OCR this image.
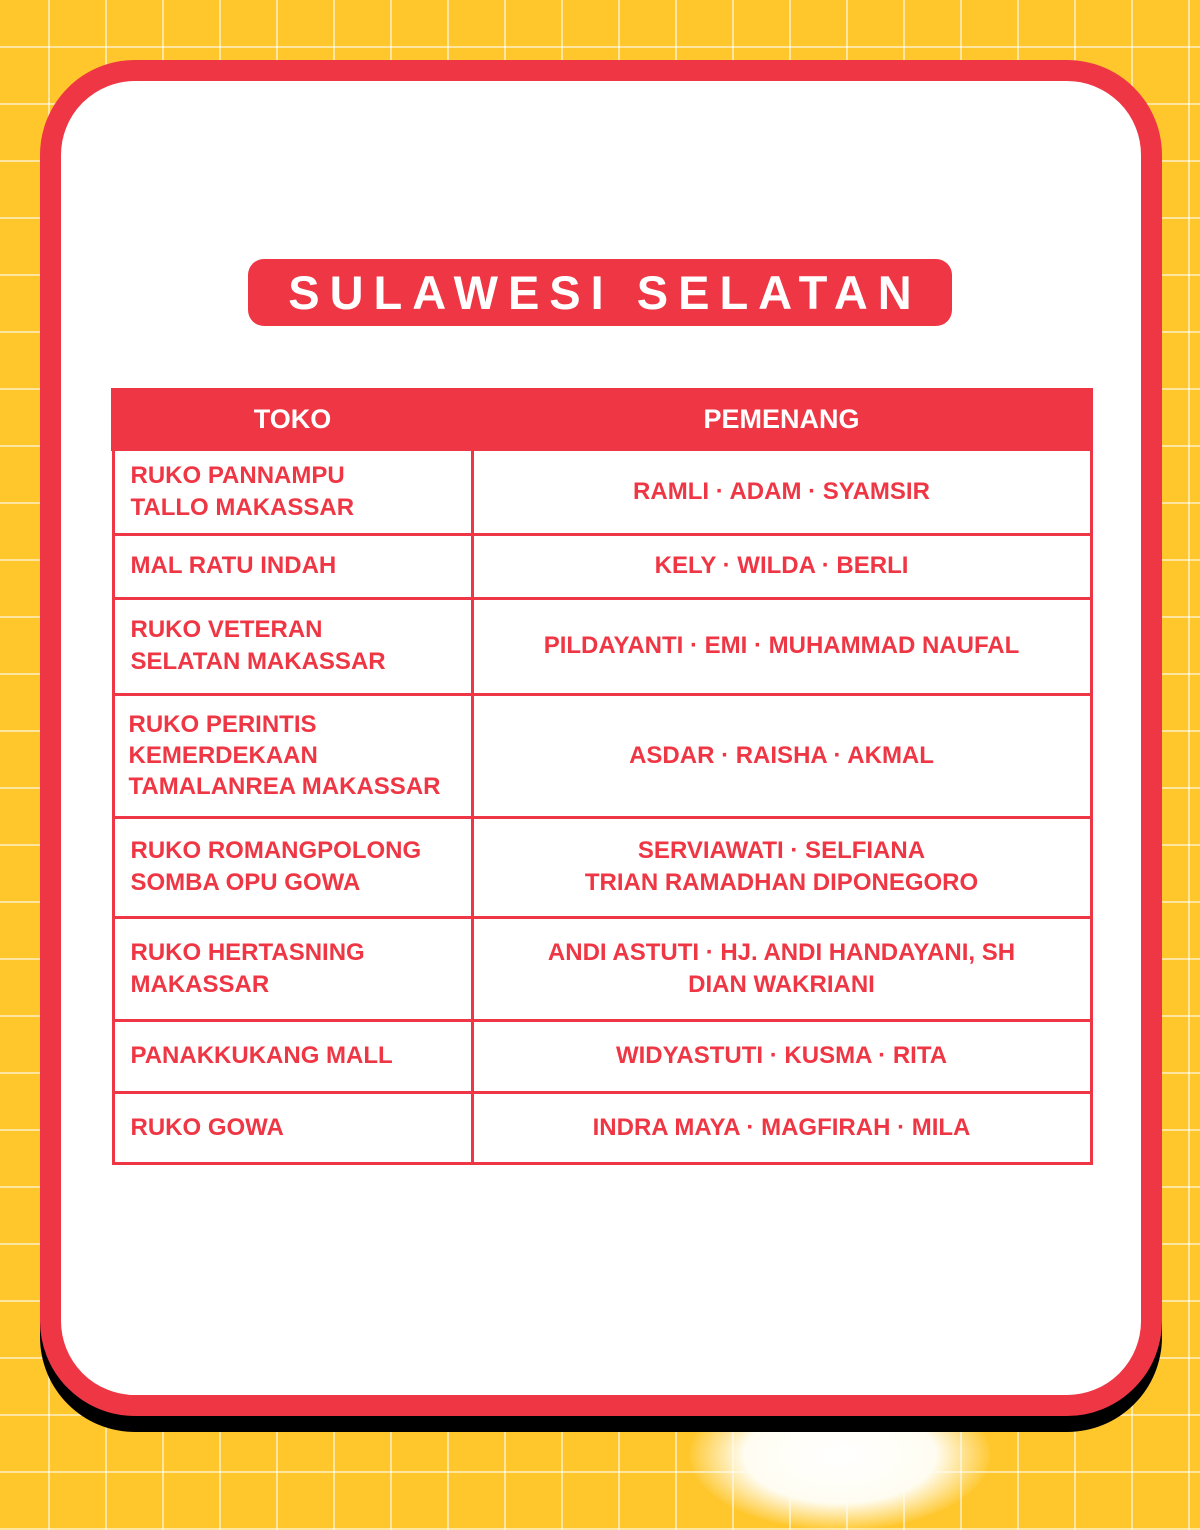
SULAWESI SELATAN
TOKO	PEMENANG

RUKO PANNAMPU
TALLO MAKASSAR	RAMLI · ADAM · SYAMSIR

MAL RATU INDAH	KELY · WILDA · BERLI

RUKO VETERAN
SELATAN MAKASSAR	PILDAYANTI · EMI · MUHAMMAD NAUFAL

RUKO PERINTIS
KEMERDEKAAN
TAMALANREA MAKASSAR	ASDAR · RAISHA · AKMAL

RUKO ROMANGPOLONG
SOMBA OPU GOWA	SERVIAWATI · SELFIANA
TRIAN RAMADHAN DIPONEGORO

RUKO HERTASNING
MAKASSAR	ANDI ASTUTI · HJ. ANDI HANDAYANI, SH
DIAN WAKRIANI

PANAKKUKANG MALL	WIDYASTUTI · KUSMA · RITA

RUKO GOWA	INDRA MAYA · MAGFIRAH · MILA
